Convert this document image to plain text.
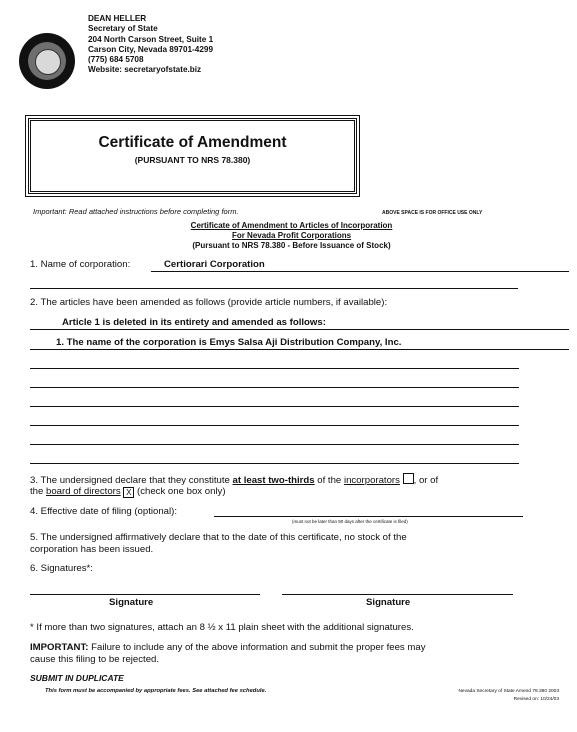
DEAN HELLER
Secretary of State
204 North Carson Street, Suite 1
Carson City, Nevada 89701-4299
(775) 684 5708
Website: secretaryofstate.biz
Certificate of Amendment
(PURSUANT TO NRS 78.380)
Important: Read attached instructions before completing form.	ABOVE SPACE IS FOR OFFICE USE ONLY
Certificate of Amendment to Articles of Incorporation
For Nevada Profit Corporations
(Pursuant to NRS 78.380 - Before Issuance of Stock)
1. Name of corporation:	Certiorari Corporation
2. The articles have been amended as follows (provide article numbers, if available):
Article 1 is deleted in its entirety and amended as follows:
1. The name of the corporation is Emys Salsa Aji Distribution Company, Inc.
3. The undersigned declare that they constitute at least two-thirds of the incorporators , or of
the board of directors X (check one box only)
4. Effective date of filing (optional):
(must not be later than 90 days after the certificate is filed)
5. The undersigned affirmatively declare that to the date of this certificate, no stock of the
corporation has been issued.
6. Signatures*:
Signature	Signature
* If more than two signatures, attach an 8 ½ x 11 plain sheet with the additional signatures.
IMPORTANT: Failure to include any of the above information and submit the proper fees may
cause this filing to be rejected.
SUBMIT IN DUPLICATE
This form must be accompanied by appropriate fees. See attached fee schedule.	Nevada Secretary of State Amend 78.380 2003
Revised on: 10/24/03
